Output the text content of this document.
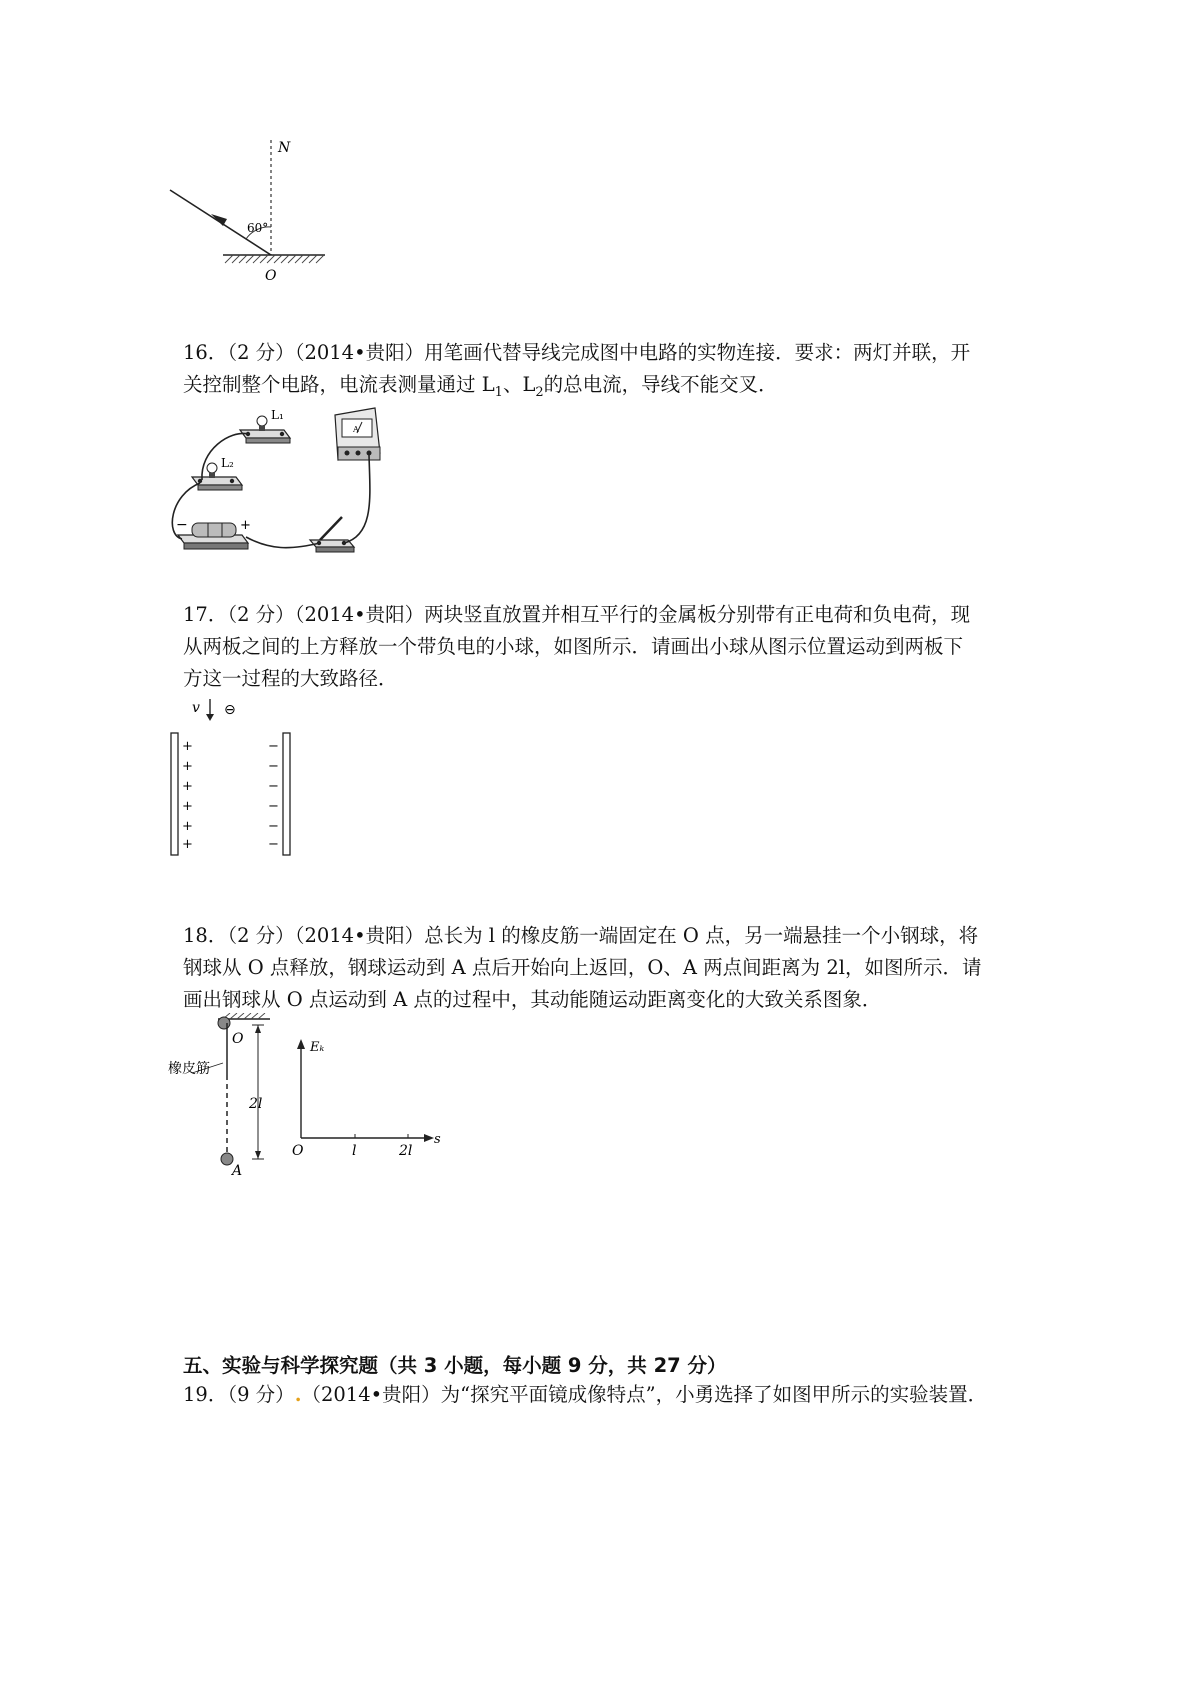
N
60°
O

16．（2 分）（2014•贵阳）用笔画代替导线完成图中电路的实物连接．要求：两灯并联，开

关控制整个电路，电流表测量通过 $L_1$、$L_2$的总电流，导线不能交叉．

L₁
L₂
A
−	+

17．（2 分）（2014•贵阳）两块竖直放置并相互平行的金属板分别带有正电荷和负电荷，现

从两板之间的上方释放一个带负电的小球，如图所示．请画出小球从图示位置运动到两板下

方这一过程的大致路径．

v ⊖
+
+
+
+
+
+
−
−
−
−
−
−

18．（2 分）（2014•贵阳）总长为 l 的橡皮筋一端固定在 O 点，另一端悬挂一个小钢球，将

钢球从 O 点释放，钢球运动到 A 点后开始向上返回，O、A 两点间距离为 2l，如图所示．请

画出钢球从 O 点运动到 A 点的过程中，其动能随运动距离变化的大致关系图象．

O
橡皮筋
A
2l
Eₖ
s
O	l	2l
五、实验与科学探究题（共 3 小题，每小题 9 分，共 27 分）

19．（9 分）.（2014•贵阳）为“探究平面镜成像特点”，小勇选择了如图甲所示的实验装置．
